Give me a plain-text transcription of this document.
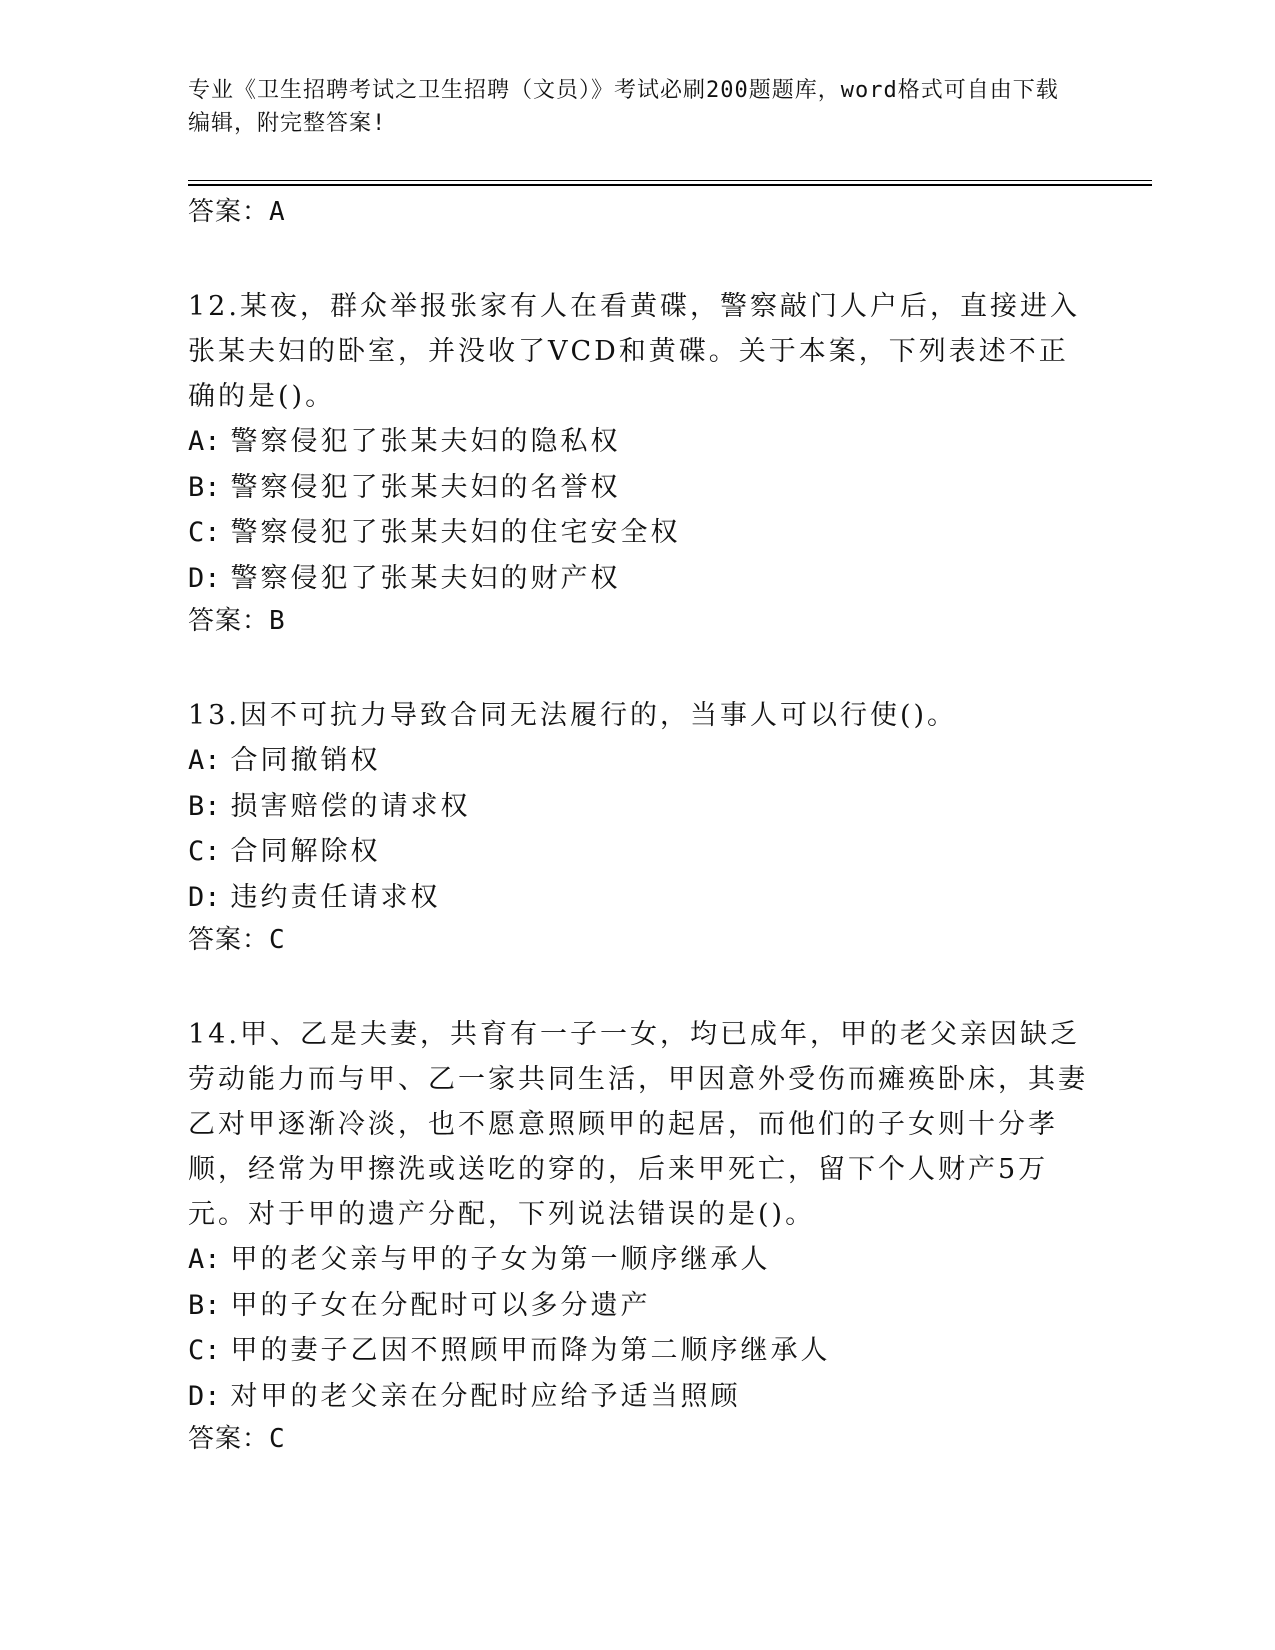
专业《卫生招聘考试之卫生招聘（文员）》考试必刷200题题库，word格式可自由下载编辑，附完整答案!
答案：A
12.某夜，群众举报张家有人在看黄碟，警察敲门人户后，直接进入张某夫妇的卧室，并没收了VCD和黄碟。关于本案，下列表述不正确的是()。
A: 警察侵犯了张某夫妇的隐私权
B: 警察侵犯了张某夫妇的名誉权
C: 警察侵犯了张某夫妇的住宅安全权
D: 警察侵犯了张某夫妇的财产权
答案：B
13.因不可抗力导致合同无法履行的，当事人可以行使()。
A: 合同撤销权
B: 损害赔偿的请求权
C: 合同解除权
D: 违约责任请求权
答案：C
14.甲、乙是夫妻，共育有一子一女，均已成年，甲的老父亲因缺乏劳动能力而与甲、乙一家共同生活，甲因意外受伤而瘫痪卧床，其妻乙对甲逐渐冷淡，也不愿意照顾甲的起居，而他们的子女则十分孝顺，经常为甲擦洗或送吃的穿的，后来甲死亡，留下个人财产5万元。对于甲的遗产分配，下列说法错误的是()。
A: 甲的老父亲与甲的子女为第一顺序继承人
B: 甲的子女在分配时可以多分遗产
C: 甲的妻子乙因不照顾甲而降为第二顺序继承人
D: 对甲的老父亲在分配时应给予适当照顾
答案：C
